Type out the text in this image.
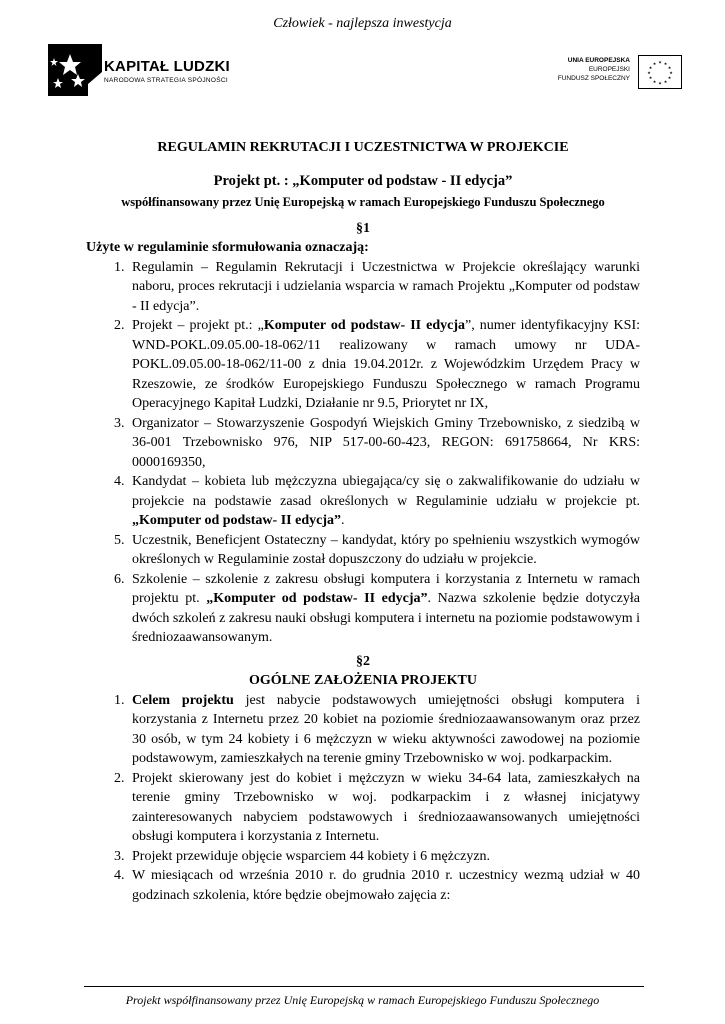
Człowiek - najlepsza inwestycja
KAPITAŁ LUDZKI
NARODOWA STRATEGIA SPÓJNOŚCI
UNIA EUROPEJSKA
EUROPEJSKI
FUNDUSZ SPOŁECZNY
★ ★
★
★
★
★
★
★
★
★
★
★
REGULAMIN REKRUTACJI I UCZESTNICTWA W PROJEKCIE
Projekt pt. : „Komputer od podstaw - II edycja”
współfinansowany przez Unię Europejską w ramach Europejskiego Funduszu Społecznego
§1
Użyte w regulaminie sformułowania oznaczają:
1. Regulamin – Regulamin Rekrutacji i Uczestnictwa w Projekcie określający warunki naboru, proces rekrutacji i udzielania wsparcia w ramach Projektu „Komputer od podstaw - II edycja”.
2. Projekt – projekt pt.: „Komputer od podstaw- II edycja”, numer identyfikacyjny KSI: WND-POKL.09.05.00-18-062/11 realizowany w ramach umowy nr UDA-POKL.09.05.00-18-062/11-00 z dnia 19.04.2012r. z Wojewódzkim Urzędem Pracy w Rzeszowie, ze środków Europejskiego Funduszu Społecznego w ramach Programu Operacyjnego Kapitał Ludzki, Działanie nr 9.5, Priorytet nr IX,
3. Organizator – Stowarzyszenie Gospodyń Wiejskich Gminy Trzebownisko, z siedzibą w 36-001 Trzebownisko 976, NIP 517-00-60-423, REGON: 691758664, Nr KRS: 0000169350,
4. Kandydat – kobieta lub mężczyzna ubiegająca/cy się o zakwalifikowanie do udziału w projekcie na podstawie zasad określonych w Regulaminie udziału w projekcie pt. „Komputer od podstaw- II edycja”.
5. Uczestnik, Beneficjent Ostateczny – kandydat, który po spełnieniu wszystkich wymogów określonych w Regulaminie został dopuszczony do udziału w projekcie.
6. Szkolenie – szkolenie z zakresu obsługi komputera i korzystania z Internetu w ramach projektu pt. „Komputer od podstaw- II edycja”. Nazwa szkolenie będzie dotyczyła dwóch szkoleń z zakresu nauki obsługi komputera i internetu na poziomie podstawowym i średniozaawansowanym.
§2
OGÓLNE ZAŁOŻENIA PROJEKTU
1. Celem projektu jest nabycie podstawowych umiejętności obsługi komputera i korzystania z Internetu przez 20 kobiet na poziomie średniozaawansowanym oraz przez 30 osób, w tym 24 kobiety i 6 mężczyzn w wieku aktywności zawodowej na poziomie podstawowym, zamieszkałych na terenie gminy Trzebownisko w woj. podkarpackim.
2. Projekt skierowany jest do kobiet i mężczyzn w wieku 34-64 lata, zamieszkałych na terenie gminy Trzebownisko w woj. podkarpackim i z własnej inicjatywy zainteresowanych nabyciem podstawowych i średniozaawansowanych umiejętności obsługi komputera i korzystania z Internetu.
3. Projekt przewiduje objęcie wsparciem 44 kobiety i 6 mężczyzn.
4. W miesiącach od września 2010 r. do grudnia 2010 r. uczestnicy wezmą udział w 40 godzinach szkolenia, które będzie obejmowało zajęcia z:
Projekt współfinansowany przez Unię Europejską w ramach Europejskiego Funduszu Społecznego
